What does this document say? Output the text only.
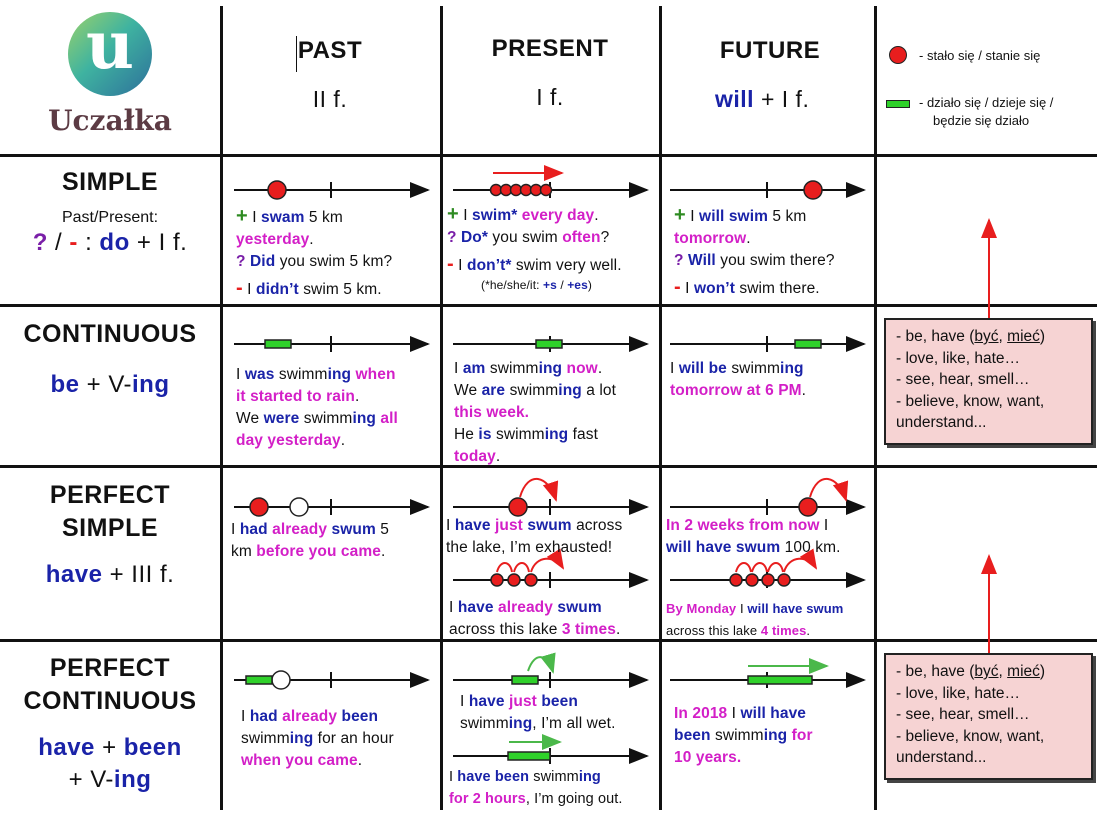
u
Uczałka
PAST
II f.
PRESENT
I f.
FUTURE
will + I f.
- stało się / stanie się
- działo się / dzieje się /
będzie się działo
SIMPLE
Past/Present:
? / - : do + I f.
CONTINUOUS
be + V-ing
PERFECT
SIMPLE
have + III f.
PERFECT
CONTINUOUS
have + been
+ V-ing

+ I swam 5 km

yesterday.

? Did you swim 5 km?

- I didn’t swim 5 km.

+ I swim* every day.

? Do* you swim often?

- I don’t* swim very well.

(*he/she/it: +s / +es)

+ I will swim 5 km

tomorrow.

? Will you swim there?

- I won’t swim there.

I was swimming when

it started to rain.

We were swimming all

day yesterday.

I am swimming now.

We are swimming a lot

this week.

He is swimming fast

today.

I will be swimming

tomorrow at 6 PM.

I had already swum 5

km before you came.

I have just swum across

the lake, I’m exhausted!

I have already swum

across this lake 3 times.

In 2 weeks from now I

will have swum 100 km.

By Monday I will have swum

across this lake 4 times.

I had already been

swimming for an hour

when you came.

I have just been

swimming, I’m all wet.

I have been swimming

for 2 hours, I’m going out.

In 2018 I will have

been swimming for

10 years.

- be, have (być, mieć)

- love, like, hate…

- see, hear, smell…

- believe, know, want,

understand...

- be, have (być, mieć)

- love, like, hate…

- see, hear, smell…

- believe, know, want,

understand...
